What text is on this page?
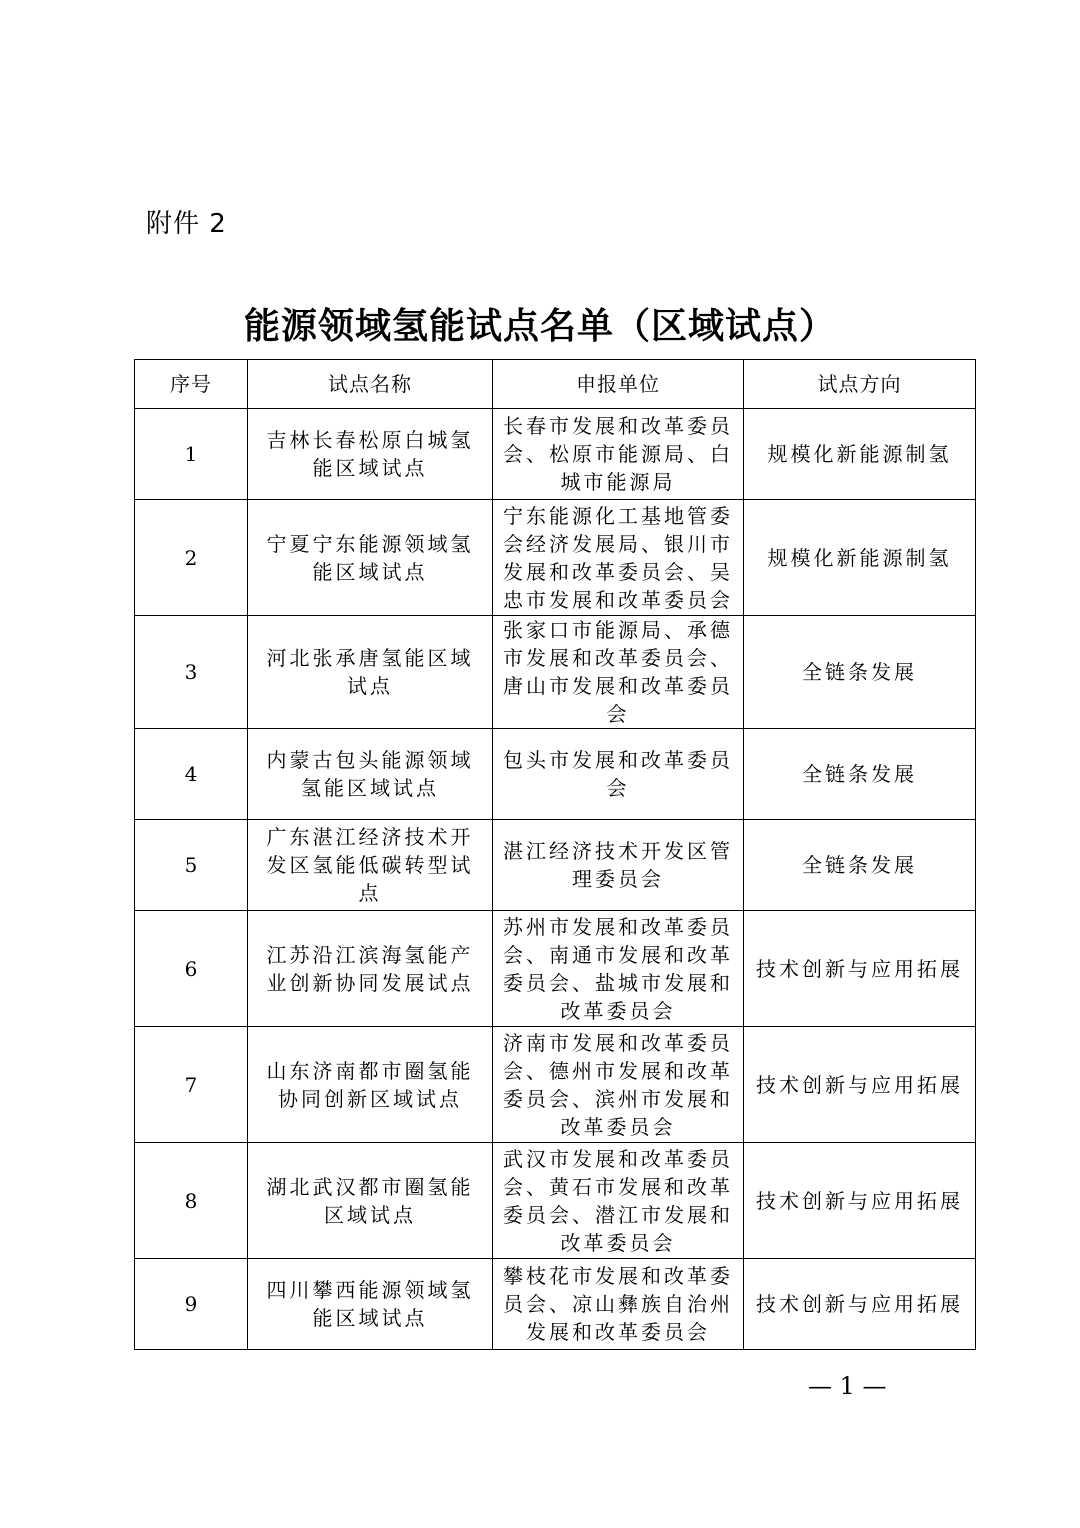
附件 2
能源领域氢能试点名单（区域试点）
序号	试点名称	申报单位	试点方向
1	吉林长春松原白城氢能区域试点	长春市发展和改革委员会、松原市能源局、白城市能源局	规模化新能源制氢
2	宁夏宁东能源领域氢能区域试点	宁东能源化工基地管委会经济发展局、银川市发展和改革委员会、吴忠市发展和改革委员会	规模化新能源制氢
3	河北张承唐氢能区域试点	张家口市能源局、承德市发展和改革委员会、唐山市发展和改革委员会	全链条发展
4	内蒙古包头能源领域氢能区域试点	包头市发展和改革委员会	全链条发展
5	广东湛江经济技术开发区氢能低碳转型试点	湛江经济技术开发区管理委员会	全链条发展
6	江苏沿江滨海氢能产业创新协同发展试点	苏州市发展和改革委员会、南通市发展和改革委员会、盐城市发展和改革委员会	技术创新与应用拓展
7	山东济南都市圈氢能协同创新区域试点	济南市发展和改革委员会、德州市发展和改革委员会、滨州市发展和改革委员会	技术创新与应用拓展
8	湖北武汉都市圈氢能区域试点	武汉市发展和改革委员会、黄石市发展和改革委员会、潜江市发展和改革委员会	技术创新与应用拓展
9	四川攀西能源领域氢能区域试点	攀枝花市发展和改革委员会、凉山彝族自治州发展和改革委员会	技术创新与应用拓展
— 1 —
